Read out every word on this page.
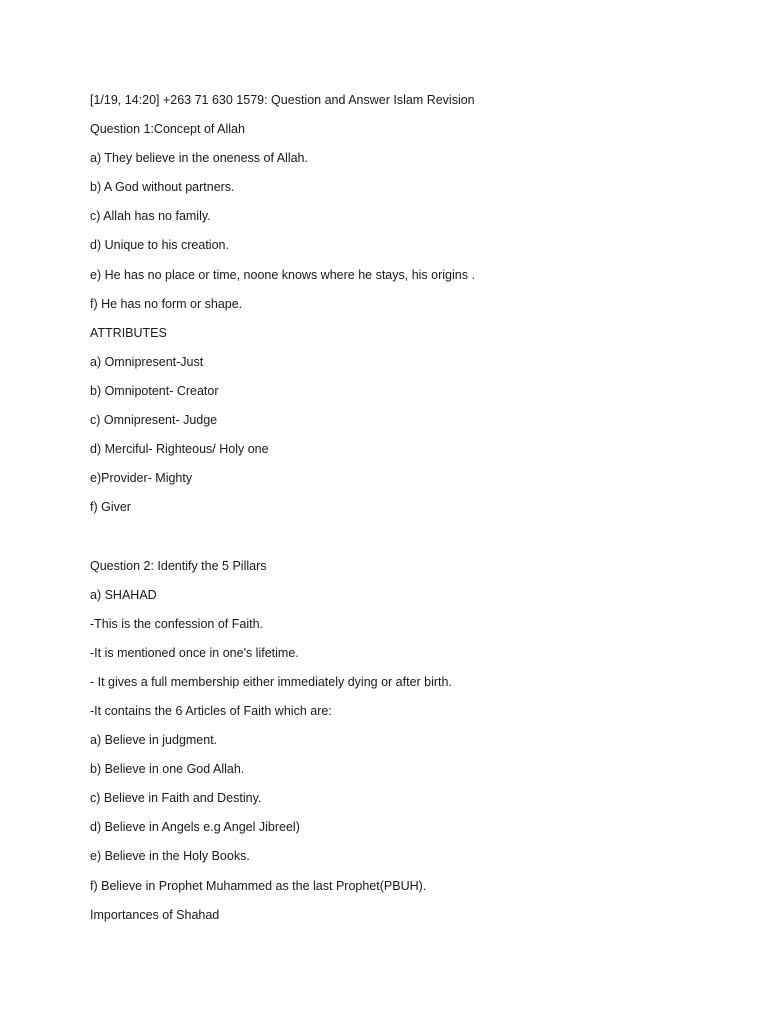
[1/19, 14:20] +263 71 630 1579: Question and Answer Islam Revision
Question 1:Concept of Allah
a) They believe in the oneness of Allah.
b) A God without partners.
c) Allah has no family.
d) Unique to his creation.
e) He has no place or time, noone knows where he stays, his origins .
f) He has no form or shape.
ATTRIBUTES
a) Omnipresent-Just
b) Omnipotent- Creator
c) Omnipresent- Judge
d) Merciful- Righteous/ Holy one
e)Provider- Mighty
f) Giver
Question 2: Identify the 5 Pillars
a) SHAHAD
-This is the confession of Faith.
-It is mentioned once in one's lifetime.
- It gives a full membership either immediately dying or after birth.
-It contains the 6 Articles of Faith which are:
a) Believe in judgment.
b) Believe in one God Allah.
c) Believe in Faith and Destiny.
d) Believe in Angels e.g Angel Jibreel)
e) Believe in the Holy Books.
f) Believe in Prophet Muhammed as the last Prophet(PBUH).
Importances of Shahad
